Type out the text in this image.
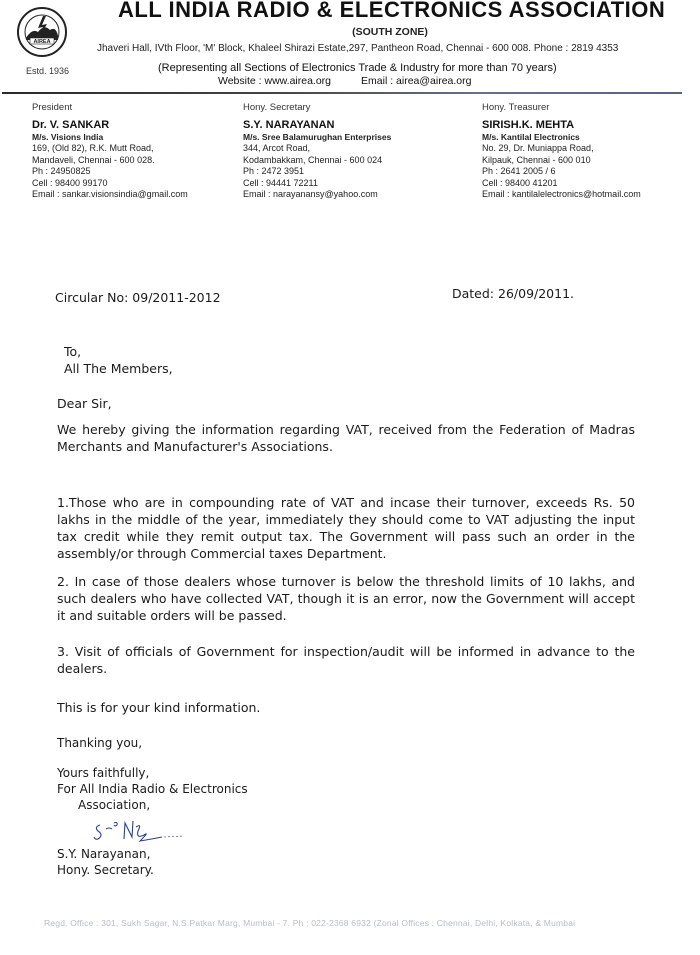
AIREA
Estd. 1936
ALL INDIA RADIO & ELECTRONICS ASSOCIATION
(SOUTH ZONE)
Jhaveri Hall, IVth Floor, 'M' Block, Khaleel Shirazi Estate,297, Pantheon Road, Chennai - 600 008. Phone : 2819 4353
(Representing all Sections of Electronics Trade & Industry for more than 70 years)
Website : www.airea.org	Email : airea@airea.org
President
Dr. V. SANKAR
M/s. Visions India
169, (Old 82), R.K. Mutt Road,
Mandaveli, Chennai - 600 028.
Ph : 24950825
Cell : 98400 99170
Email : sankar.visionsindia@gmail.com
Hony. Secretary
S.Y. NARAYANAN
M/s. Sree Balamurughan Enterprises
344, Arcot Road,
Kodambakkam, Chennai - 600 024
Ph : 2472 3951
Cell : 94441 72211
Email : narayanansy@yahoo.com
Hony. Treasurer
SIRISH.K. MEHTA
M/s. Kantilal Electronics
No. 29, Dr. Muniappa Road,
Kilpauk, Chennai - 600 010
Ph : 2641 2005 / 6
Cell : 98400 41201
Email : kantilalelectronics@hotmail.com
Circular No: 09/2011-2012	Dated: 26/09/2011.
To,
All The Members,
Dear Sir,
We hereby giving the information regarding VAT, received from the Federation of Madras Merchants and Manufacturer's Associations.
1.Those who are in compounding rate of VAT and incase their turnover, exceeds Rs. 50 lakhs in the middle of the year, immediately they should come to VAT adjusting the input tax credit while they remit output tax. The Government will pass such an order in the assembly/or through Commercial taxes Department.
2. In case of those dealers whose turnover is below the threshold limits of 10 lakhs, and such dealers who have collected VAT, though it is an error, now the Government will accept it and suitable orders will be passed.
3. Visit of officials of Government for inspection/audit will be informed in advance to the dealers.
This is for your kind information.
Thanking you,
Yours faithfully,
For All India Radio & Electronics
Association,
S.Y. Narayanan,
Hony. Secretary.
Regd. Office : 301, Sukh Sagar, N.S.Patkar Marg, Mumbai - 7. Ph : 022-2368 6932 (Zonal Offices : Chennai, Delhi, Kolkata, & Mumbai
